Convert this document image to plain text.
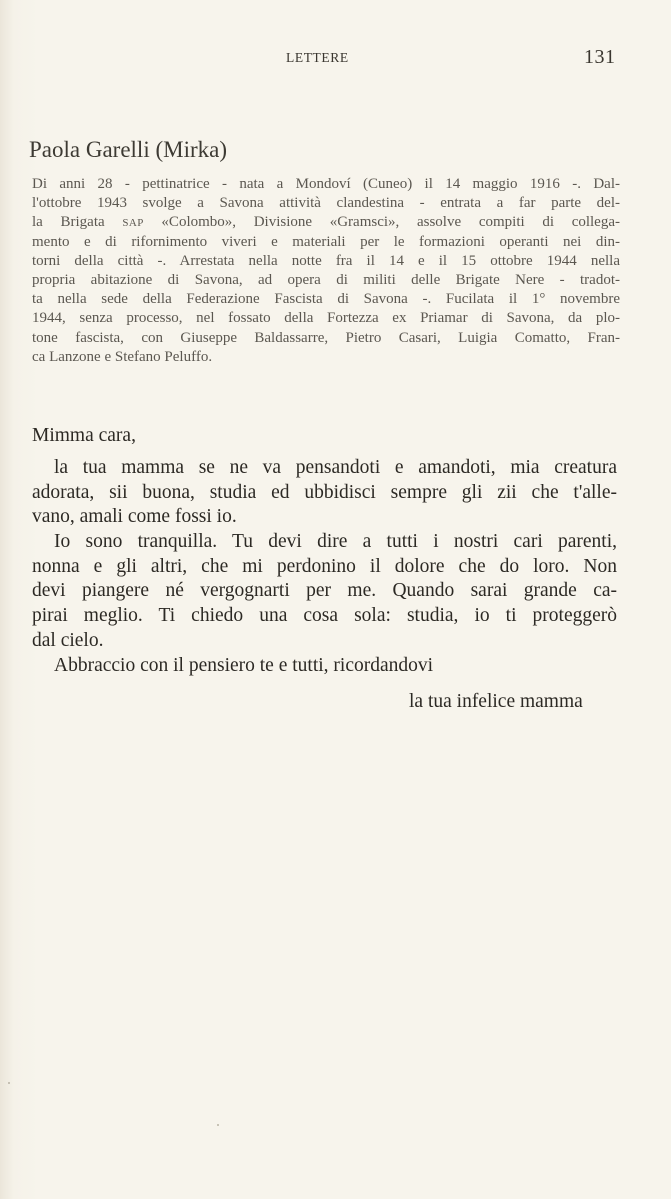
LETTERE	131
Paola Garelli (Mirka)
Di anni 28 - pettinatrice - nata a Mondoví (Cuneo) il 14 maggio 1916 -. Dal-
l'ottobre 1943 svolge a Savona attività clandestina - entrata a far parte del-
la Brigata SAP «Colombo», Divisione «Gramsci», assolve compiti di collega-
mento e di rifornimento viveri e materiali per le formazioni operanti nei din-
torni della città -. Arrestata nella notte fra il 14 e il 15 ottobre 1944 nella
propria abitazione di Savona, ad opera di militi delle Brigate Nere - tradot-
ta nella sede della Federazione Fascista di Savona -. Fucilata il 1° novembre
1944, senza processo, nel fossato della Fortezza ex Priamar di Savona, da plo-
tone fascista, con Giuseppe Baldassarre, Pietro Casari, Luigia Comatto, Fran-
ca Lanzone e Stefano Peluffo.
Mimma cara,
la tua mamma se ne va pensandoti e amandoti, mia creatura
adorata, sii buona, studia ed ubbidisci sempre gli zii che t'alle-
vano, amali come fossi io.
Io sono tranquilla. Tu devi dire a tutti i nostri cari parenti,
nonna e gli altri, che mi perdonino il dolore che do loro. Non
devi piangere né vergognarti per me. Quando sarai grande ca-
pirai meglio. Ti chiedo una cosa sola: studia, io ti proteggerò
dal cielo.
Abbraccio con il pensiero te e tutti, ricordandovi
la tua infelice mamma
